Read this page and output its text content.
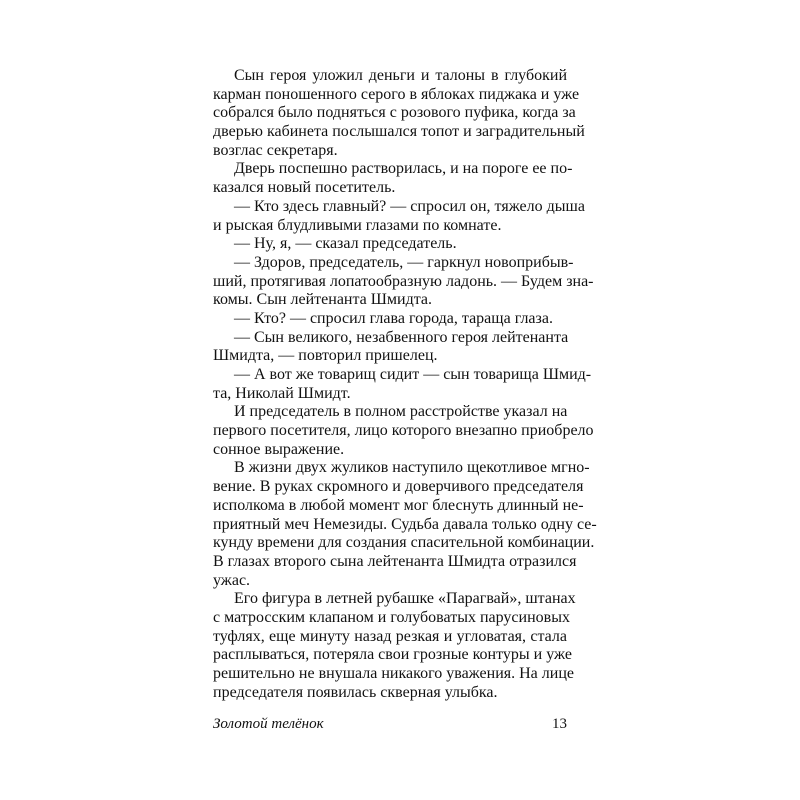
Сын героя уложил деньги и талоны в глубокий
карман поношенного серого в яблоках пиджака и уже
собрался было подняться с розового пуфика, когда за
дверью кабинета послышался топот и заградительный
возглас секретаря.
Дверь поспешно растворилась, и на пороге ее по-
казался новый посетитель.
— Кто здесь главный? — спросил он, тяжело дыша
и рыская блудливыми глазами по комнате.
— Ну, я, — сказал председатель.
— Здоров, председатель, — гаркнул новоприбыв-
ший, протягивая лопатообразную ладонь. — Будем зна-
комы. Сын лейтенанта Шмидта.
— Кто? — спросил глава города, тараща глаза.
— Сын великого, незабвенного героя лейтенанта
Шмидта, — повторил пришелец.
— А вот же товарищ сидит — сын товарища Шмид-
та, Николай Шмидт.
И председатель в полном расстройстве указал на
первого посетителя, лицо которого внезапно приобрело
сонное выражение.
В жизни двух жуликов наступило щекотливое мгно-
вение. В руках скромного и доверчивого председателя
исполкома в любой момент мог блеснуть длинный не-
приятный меч Немезиды. Судьба давала только одну се-
кунду времени для создания спасительной комбинации.
В глазах второго сына лейтенанта Шмидта отразился
ужас.
Его фигура в летней рубашке «Парагвай», штанах
с матросским клапаном и голубоватых парусиновых
туфлях, еще минуту назад резкая и угловатая, стала
расплываться, потеряла свои грозные контуры и уже
решительно не внушала никакого уважения. На лице
председателя появилась скверная улыбка.
Золотой телёнок	13
